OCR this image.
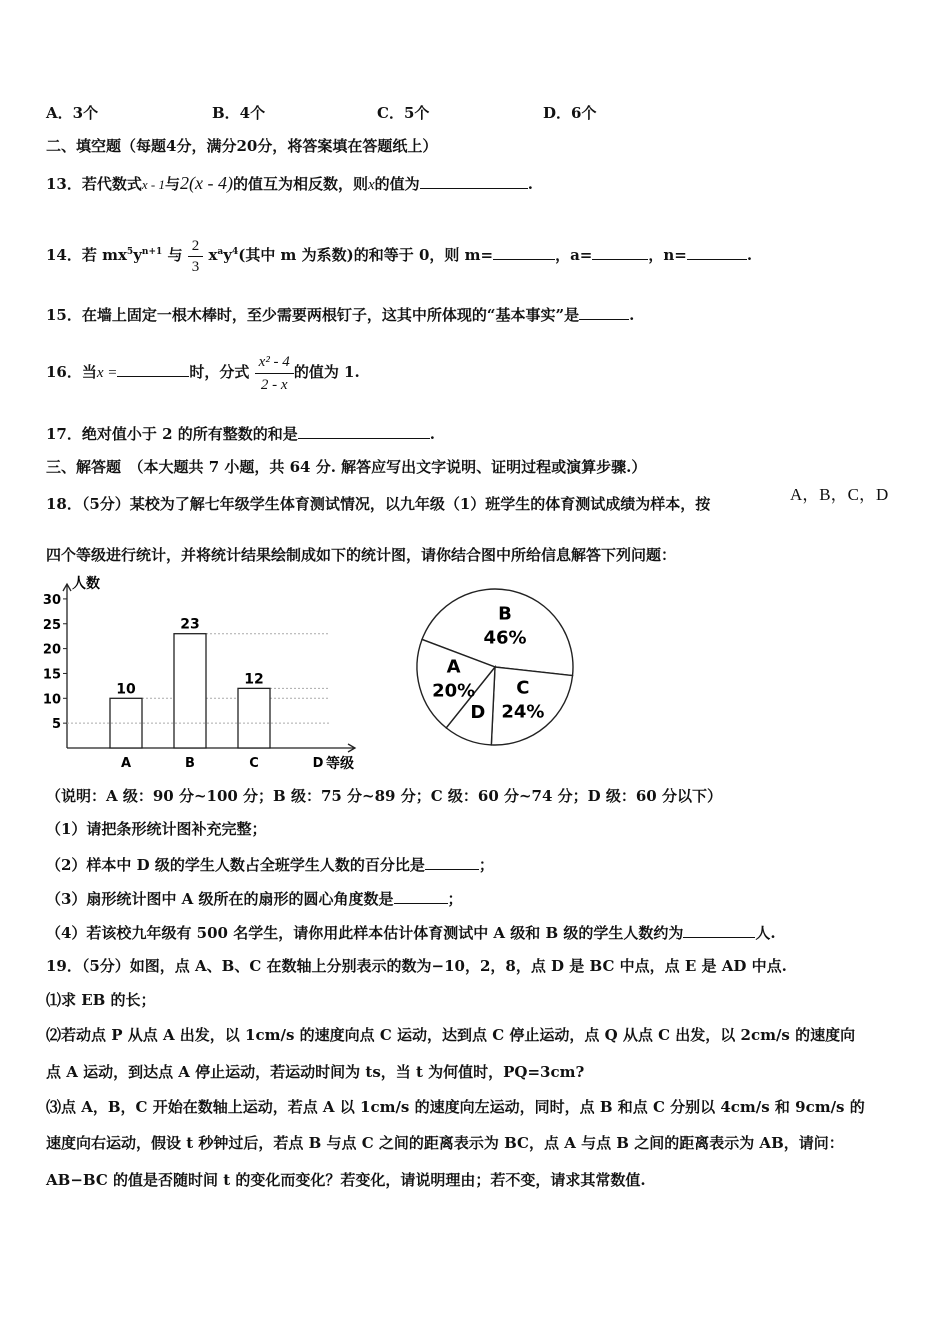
A．3个	B．4个	C．5个	D．6个
二、填空题（每题4分，满分20分，将答案填在答题纸上）
13．若代数式x - 1与2(x - 4)的值互为相反数，则x的值为	.
14．若 $mx^5y^{n+1}$ 与 $\frac{2}{3} x^ay^4$(其中 m 为系数)的和等于 0，则 m=	，a=	，n=	.
15．在墙上固定一根木棒时，至少需要两根钉子，这其中所体现的“基本事实”是	.
16．当x =	时，分式 $\frac{\text{x² - 4}}{2 - x}$ 的值为 1.
17．绝对值小于 2 的所有整数的和是	.
三、解答题　（本大题共 7 小题，共 64 分. 解答应写出文字说明、证明过程或演算步骤.）
18．（5分）某校为了解七年级学生体育测试情况，以九年级（1）班学生的体育测试成绩为样本，按	A，B，C，D
四个等级进行统计，并将统计结果绘制成如下的统计图，请你结合图中所给信息解答下列问题：
人数
等级
5
10
15
20
25
30
10
A
23
B
12
C	D
B
46%
C
24%
D
A
20%
（说明：A 级：90 分~100 分；B 级：75 分~89 分；C 级：60 分~74 分；D 级：60 分以下）
（1）请把条形统计图补充完整；
（2）样本中 D 级的学生人数占全班学生人数的百分比是	；
（3）扇形统计图中 A 级所在的扇形的圆心角度数是	；
（4）若该校九年级有 500 名学生，请你用此样本估计体育测试中 A 级和 B 级的学生人数约为	人.
19．（5分）如图，点 A、B、C 在数轴上分别表示的数为−10，2，8，点 D 是 BC 中点，点 E 是 AD 中点.
⑴求 EB 的长；
⑵若动点 P 从点 A 出发，以 1cm/s 的速度向点 C 运动，达到点 C 停止运动，点 Q 从点 C 出发，以 2cm/s 的速度向
点 A 运动，到达点 A 停止运动，若运动时间为 ts，当 t 为何值时，PQ=3cm?
⑶点 A，B，C 开始在数轴上运动，若点 A 以 1cm/s 的速度向左运动，同时，点 B 和点 C 分别以 4cm/s 和 9cm/s 的
速度向右运动，假设 t 秒钟过后，若点 B 与点 C 之间的距离表示为 BC，点 A 与点 B 之间的距离表示为 AB，请问：
AB−BC 的值是否随时间 t 的变化而变化？若变化，请说明理由；若不变，请求其常数值.
